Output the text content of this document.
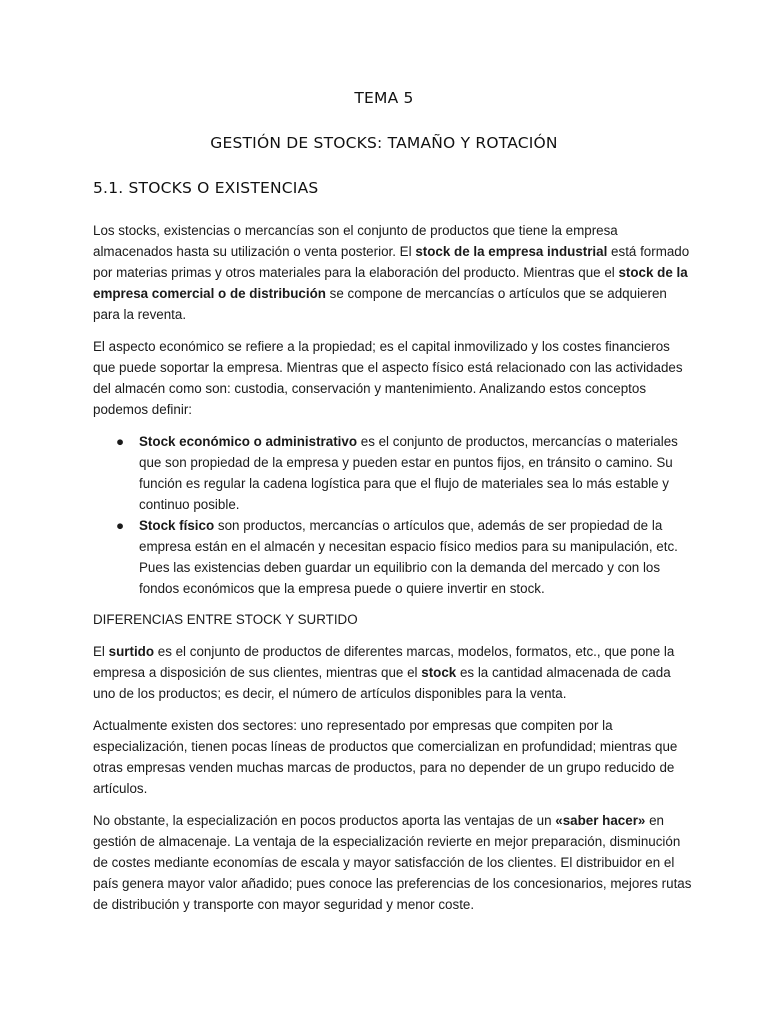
TEMA 5
GESTIÓN DE STOCKS: TAMAÑO Y ROTACIÓN
5.1. STOCKS O EXISTENCIAS

Los stocks, existencias o mercancías son el conjunto de productos que tiene la empresa almacenados hasta su utilización o venta posterior. El stock de la empresa industrial está formado por materias primas y otros materiales para la elaboración del producto. Mientras que el stock de la empresa comercial o de distribución se compone de mercancías o artículos que se adquieren para la reventa.

El aspecto económico se refiere a la propiedad; es el capital inmovilizado y los costes financieros que puede soportar la empresa. Mientras que el aspecto físico está relacionado con las actividades del almacén como son: custodia, conservación y mantenimiento. Analizando estos conceptos podemos definir:

● Stock económico o administrativo es el conjunto de productos, mercancías o materiales que son propiedad de la empresa y pueden estar en puntos fijos, en tránsito o camino. Su función es regular la cadena logística para que el flujo de materiales sea lo más estable y continuo posible.
● Stock físico son productos, mercancías o artículos que, además de ser propiedad de la empresa están en el almacén y necesitan espacio físico medios para su manipulación, etc. Pues las existencias deben guardar un equilibrio con la demanda del mercado y con los fondos económicos que la empresa puede o quiere invertir en stock.
DIFERENCIAS ENTRE STOCK Y SURTIDO

El surtido es el conjunto de productos de diferentes marcas, modelos, formatos, etc., que pone la empresa a disposición de sus clientes, mientras que el stock es la cantidad almacenada de cada uno de los productos; es decir, el número de artículos disponibles para la venta.

Actualmente existen dos sectores: uno representado por empresas que compiten por la especialización, tienen pocas líneas de productos que comercializan en profundidad; mientras que otras empresas venden muchas marcas de productos, para no depender de un grupo reducido de artículos.

No obstante, la especialización en pocos productos aporta las ventajas de un «saber hacer» en gestión de almacenaje. La ventaja de la especialización revierte en mejor preparación, disminución de costes mediante economías de escala y mayor satisfacción de los clientes. El distribuidor en el país genera mayor valor añadido; pues conoce las preferencias de los concesionarios, mejores rutas de distribución y transporte con mayor seguridad y menor coste.
